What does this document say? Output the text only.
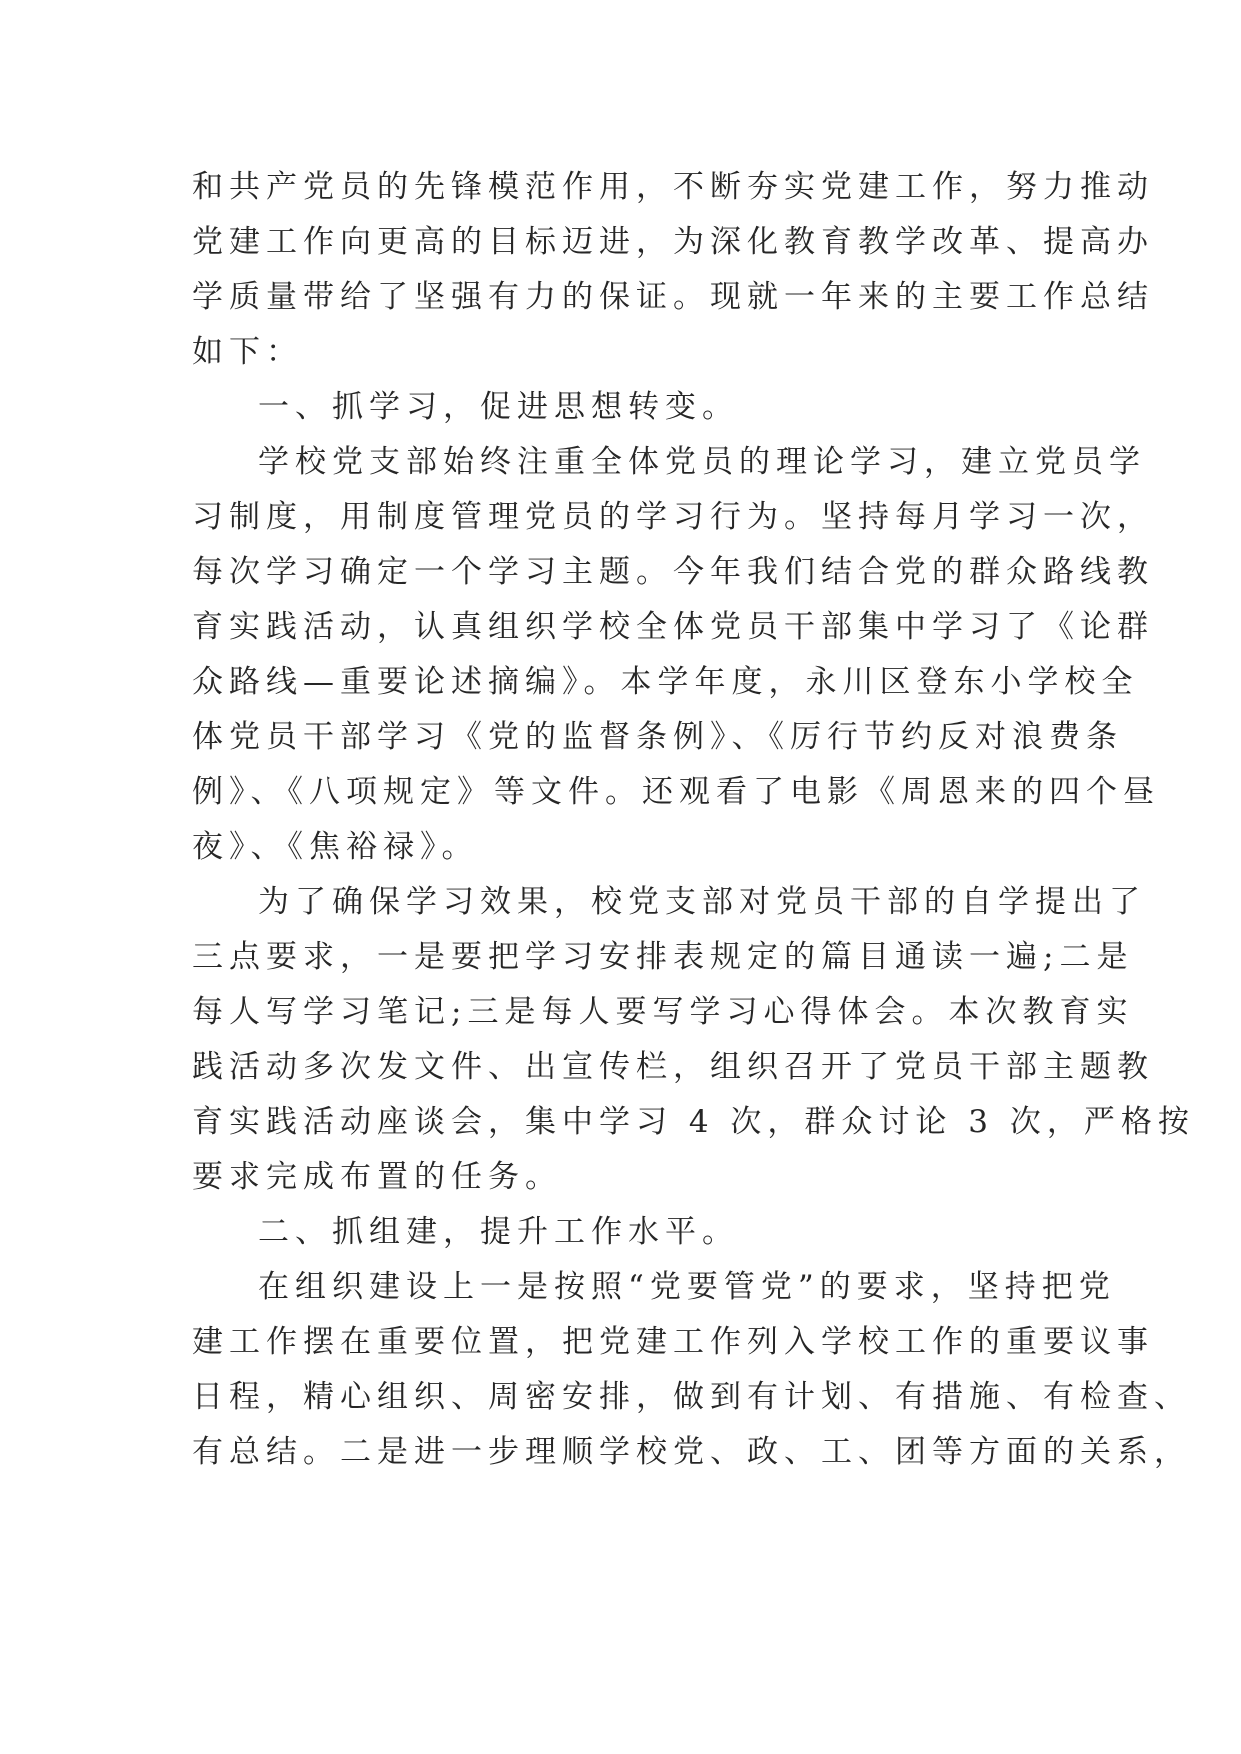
和共产党员的先锋模范作用，不断夯实党建工作，努力推动
党建工作向更高的目标迈进，为深化教育教学改革、提高办
学质量带给了坚强有力的保证。现就一年来的主要工作总结
如下：
一、抓学习，促进思想转变。
学校党支部始终注重全体党员的理论学习，建立党员学
习制度，用制度管理党员的学习行为。坚持每月学习一次，
每次学习确定一个学习主题。今年我们结合党的群众路线教
育实践活动，认真组织学校全体党员干部集中学习了《论群
众路线—重要论述摘编》。本学年度，永川区登东小学校全
体党员干部学习《党的监督条例》、《厉行节约反对浪费条
例》、《八项规定》等文件。还观看了电影《周恩来的四个昼
夜》、《焦裕禄》。
为了确保学习效果，校党支部对党员干部的自学提出了
三点要求，一是要把学习安排表规定的篇目通读一遍;二是
每人写学习笔记;三是每人要写学习心得体会。本次教育实
践活动多次发文件、出宣传栏，组织召开了党员干部主题教
育实践活动座谈会，集中学习 4 次，群众讨论 3 次，严格按
要求完成布置的任务。
二、抓组建，提升工作水平。
在组织建设上一是按照“党要管党”的要求，坚持把党
建工作摆在重要位置，把党建工作列入学校工作的重要议事
日程，精心组织、周密安排，做到有计划、有措施、有检查、
有总结。二是进一步理顺学校党、政、工、团等方面的关系，
